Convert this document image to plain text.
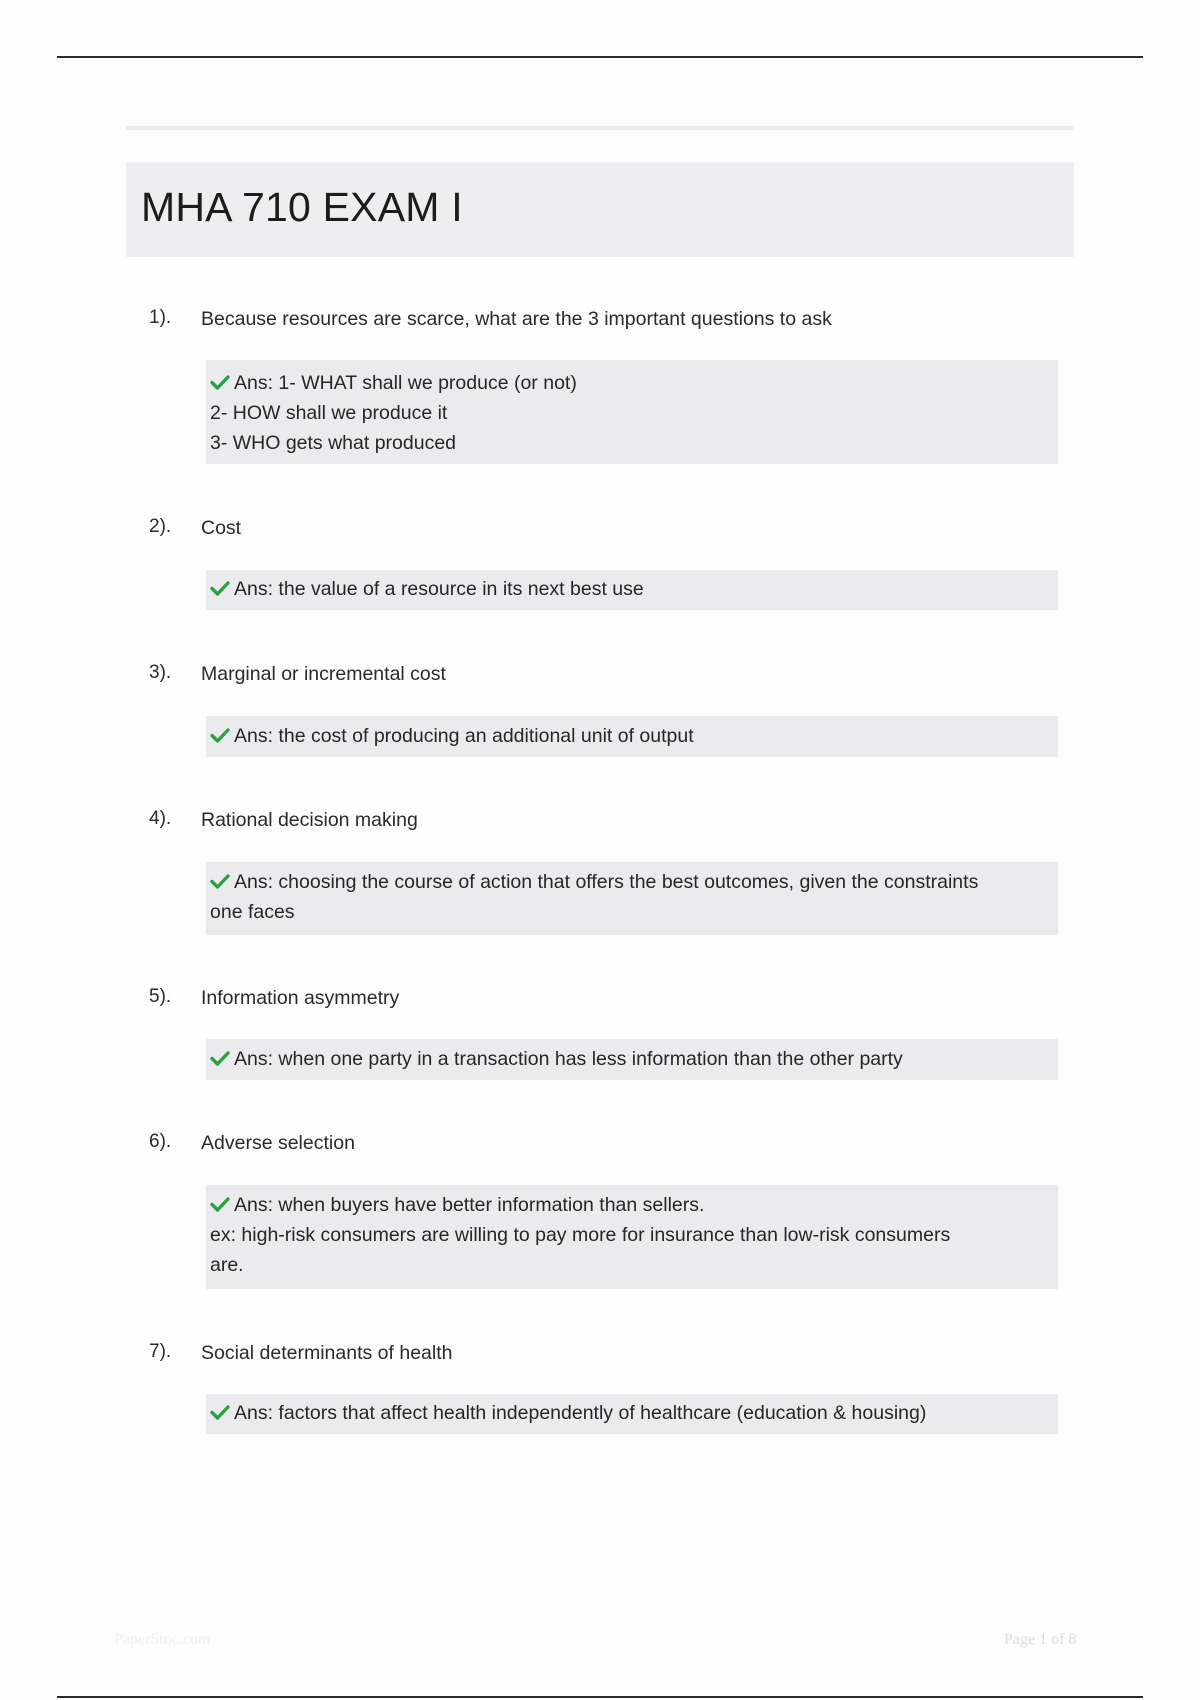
MHA 710 EXAM I
1). Because resources are scarce, what are the 3 important questions to ask
Ans: 1- WHAT shall we produce (or not)
2- HOW shall we produce it
3- WHO gets what produced
2). Cost
Ans: the value of a resource in its next best use
3). Marginal or incremental cost
Ans: the cost of producing an additional unit of output
4). Rational decision making
Ans: choosing the course of action that offers the best outcomes, given the constraints
one faces
5). Information asymmetry
Ans: when one party in a transaction has less information than the other party
6). Adverse selection
Ans: when buyers have better information than sellers.
ex: high-risk consumers are willing to pay more for insurance than low-risk consumers
are.
7). Social determinants of health
Ans: factors that affect health independently of healthcare (education & housing)
PaperStoc.com	Page 1 of 8
